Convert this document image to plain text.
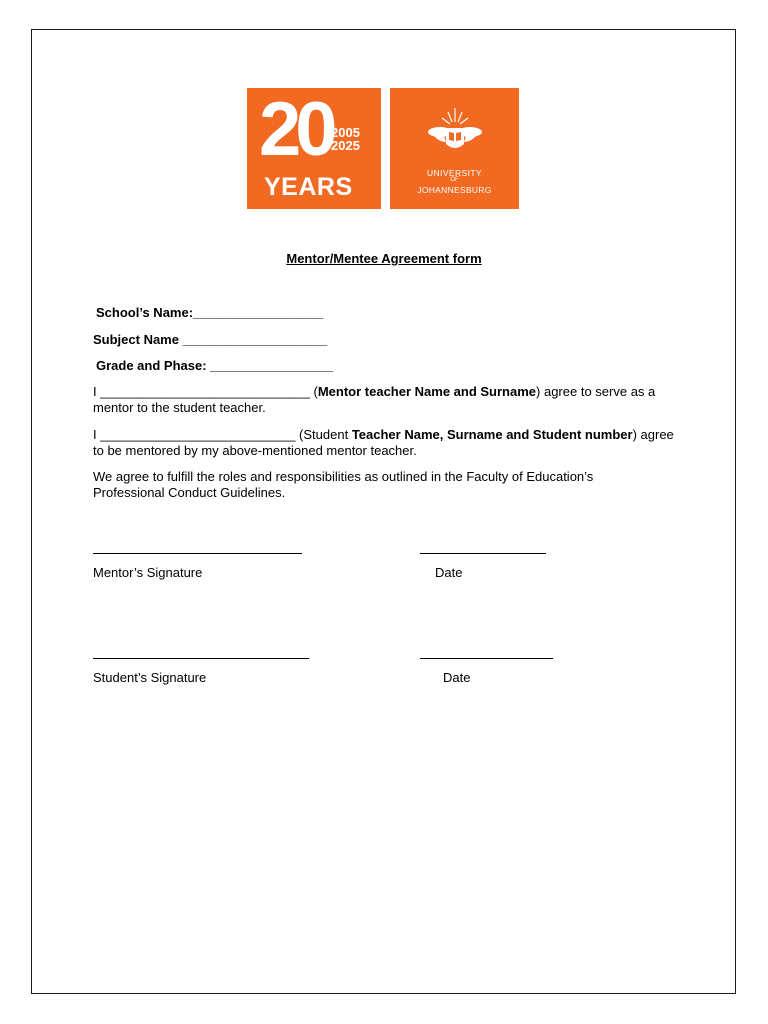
20 2005
2025
YEARS	UNIVERSITY
OF
JOHANNESBURG
Mentor/Mentee Agreement form
School’s Name:__________________
Subject Name ____________________
Grade and Phase: _________________
I _____________________________ (Mentor teacher Name and Surname) agree to serve as a mentor to the student teacher.
I ___________________________ (Student Teacher Name, Surname and Student number) agree to be mentored by my above-mentioned mentor teacher.
We agree to fulfill the roles and responsibilities as outlined in the Faculty of Education’s Professional Conduct Guidelines.
Mentor’s Signature	Date
Student’s Signature	Date
